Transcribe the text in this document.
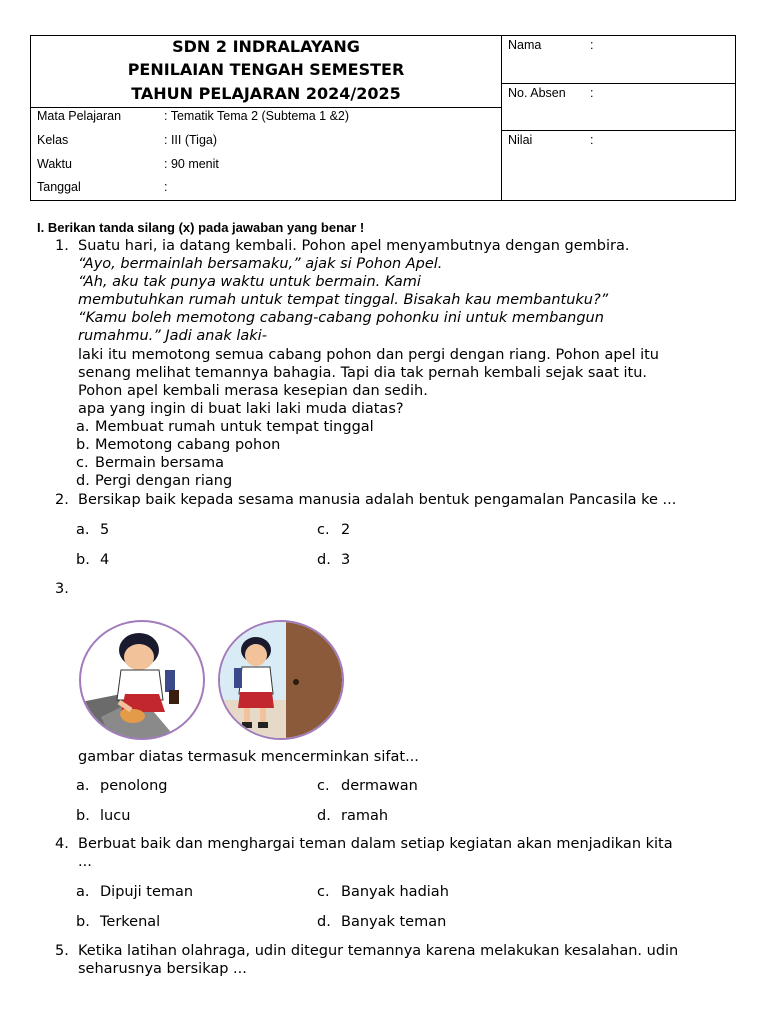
SDN 2 INDRALAYANG
PENILAIAN TENGAH SEMESTER
TAHUN PELAJARAN 2024/2025
Mata Pelajaran	: Tematik Tema 2 (Subtema 1 &2)
Kelas	: III (Tiga)
Waktu	: 90 menit
Tanggal	:
Nama	:
No. Absen :
Nilai	:
I. Berikan tanda silang (x) pada jawaban yang benar !
1. Suatu hari, ia datang kembali. Pohon apel menyambutnya dengan gembira.
“Ayo, bermainlah bersamaku,” ajak si Pohon Apel.
“Ah, aku tak punya waktu untuk bermain. Kami
membutuhkan rumah untuk tempat tinggal. Bisakah kau membantuku?”
“Kamu boleh memotong cabang-cabang pohonku ini untuk membangun
rumahmu.” Jadi anak laki-
laki itu memotong semua cabang pohon dan pergi dengan riang. Pohon apel itu
senang melihat temannya bahagia. Tapi dia tak pernah kembali sejak saat itu.
Pohon apel kembali merasa kesepian dan sedih.
apa yang ingin di buat laki laki muda diatas?
a. Membuat rumah untuk tempat tinggal
b. Memotong cabang pohon
c. Bermain bersama
d. Pergi dengan riang
2. Bersikap baik kepada sesama manusia adalah bentuk pengamalan Pancasila ke ...
a. 5	c. 2
b. 4	d. 3
3.
gambar diatas termasuk mencerminkan sifat...
a. penolong	c. dermawan
b. lucu	d. ramah
4. Berbuat baik dan menghargai teman dalam setiap kegiatan akan menjadikan kita
...
a. Dipuji teman	c. Banyak hadiah
b. Terkenal	d. Banyak teman
5. Ketika latihan olahraga, udin ditegur temannya karena melakukan kesalahan. udin
seharusnya bersikap ...
